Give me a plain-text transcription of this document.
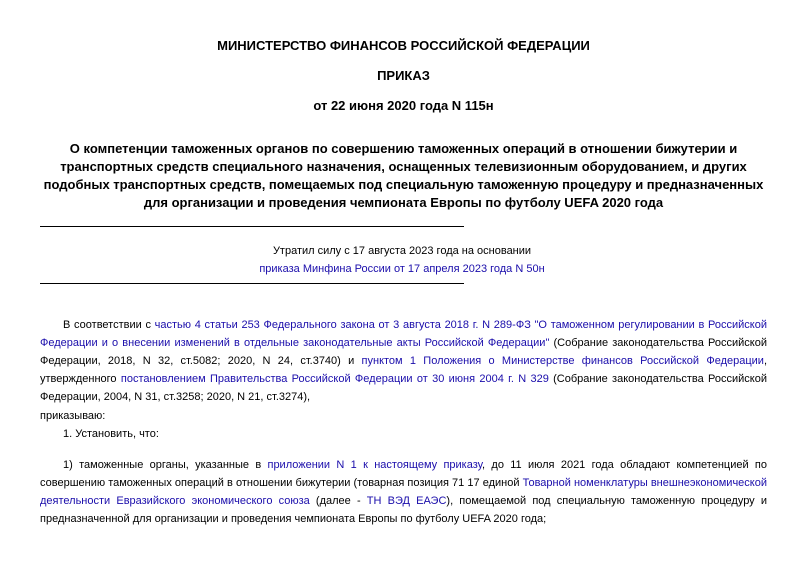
МИНИСТЕРСТВО ФИНАНСОВ РОССИЙСКОЙ ФЕДЕРАЦИИ
ПРИКАЗ
от 22 июня 2020 года N 115н
О компетенции таможенных органов по совершению таможенных операций в отношении бижутерии и транспортных средств специального назначения, оснащенных телевизионным оборудованием, и других подобных транспортных средств, помещаемых под специальную таможенную процедуру и предназначенных для организации и проведения чемпионата Европы по футболу UEFA 2020 года
Утратил силу с 17 августа 2023 года на основании
приказа Минфина России от 17 апреля 2023 года N 50н
В соответствии с частью 4 статьи 253 Федерального закона от 3 августа 2018 г. N 289-ФЗ "О таможенном регулировании в Российской Федерации и о внесении изменений в отдельные законодательные акты Российской Федерации" (Собрание законодательства Российской Федерации, 2018, N 32, ст.5082; 2020, N 24, ст.3740) и пунктом 1 Положения о Министерстве финансов Российской Федерации, утвержденного постановлением Правительства Российской Федерации от 30 июня 2004 г. N 329 (Собрание законодательства Российской Федерации, 2004, N 31, ст.3258; 2020, N 21, ст.3274),
приказываю:
1. Установить, что:
1) таможенные органы, указанные в приложении N 1 к настоящему приказу, до 11 июля 2021 года обладают компетенцией по совершению таможенных операций в отношении бижутерии (товарная позиция 71 17 единой Товарной номенклатуры внешнеэкономической деятельности Евразийского экономического союза (далее - ТН ВЭД ЕАЭС), помещаемой под специальную таможенную процедуру и предназначенной для организации и проведения чемпионата Европы по футболу UEFA 2020 года;
